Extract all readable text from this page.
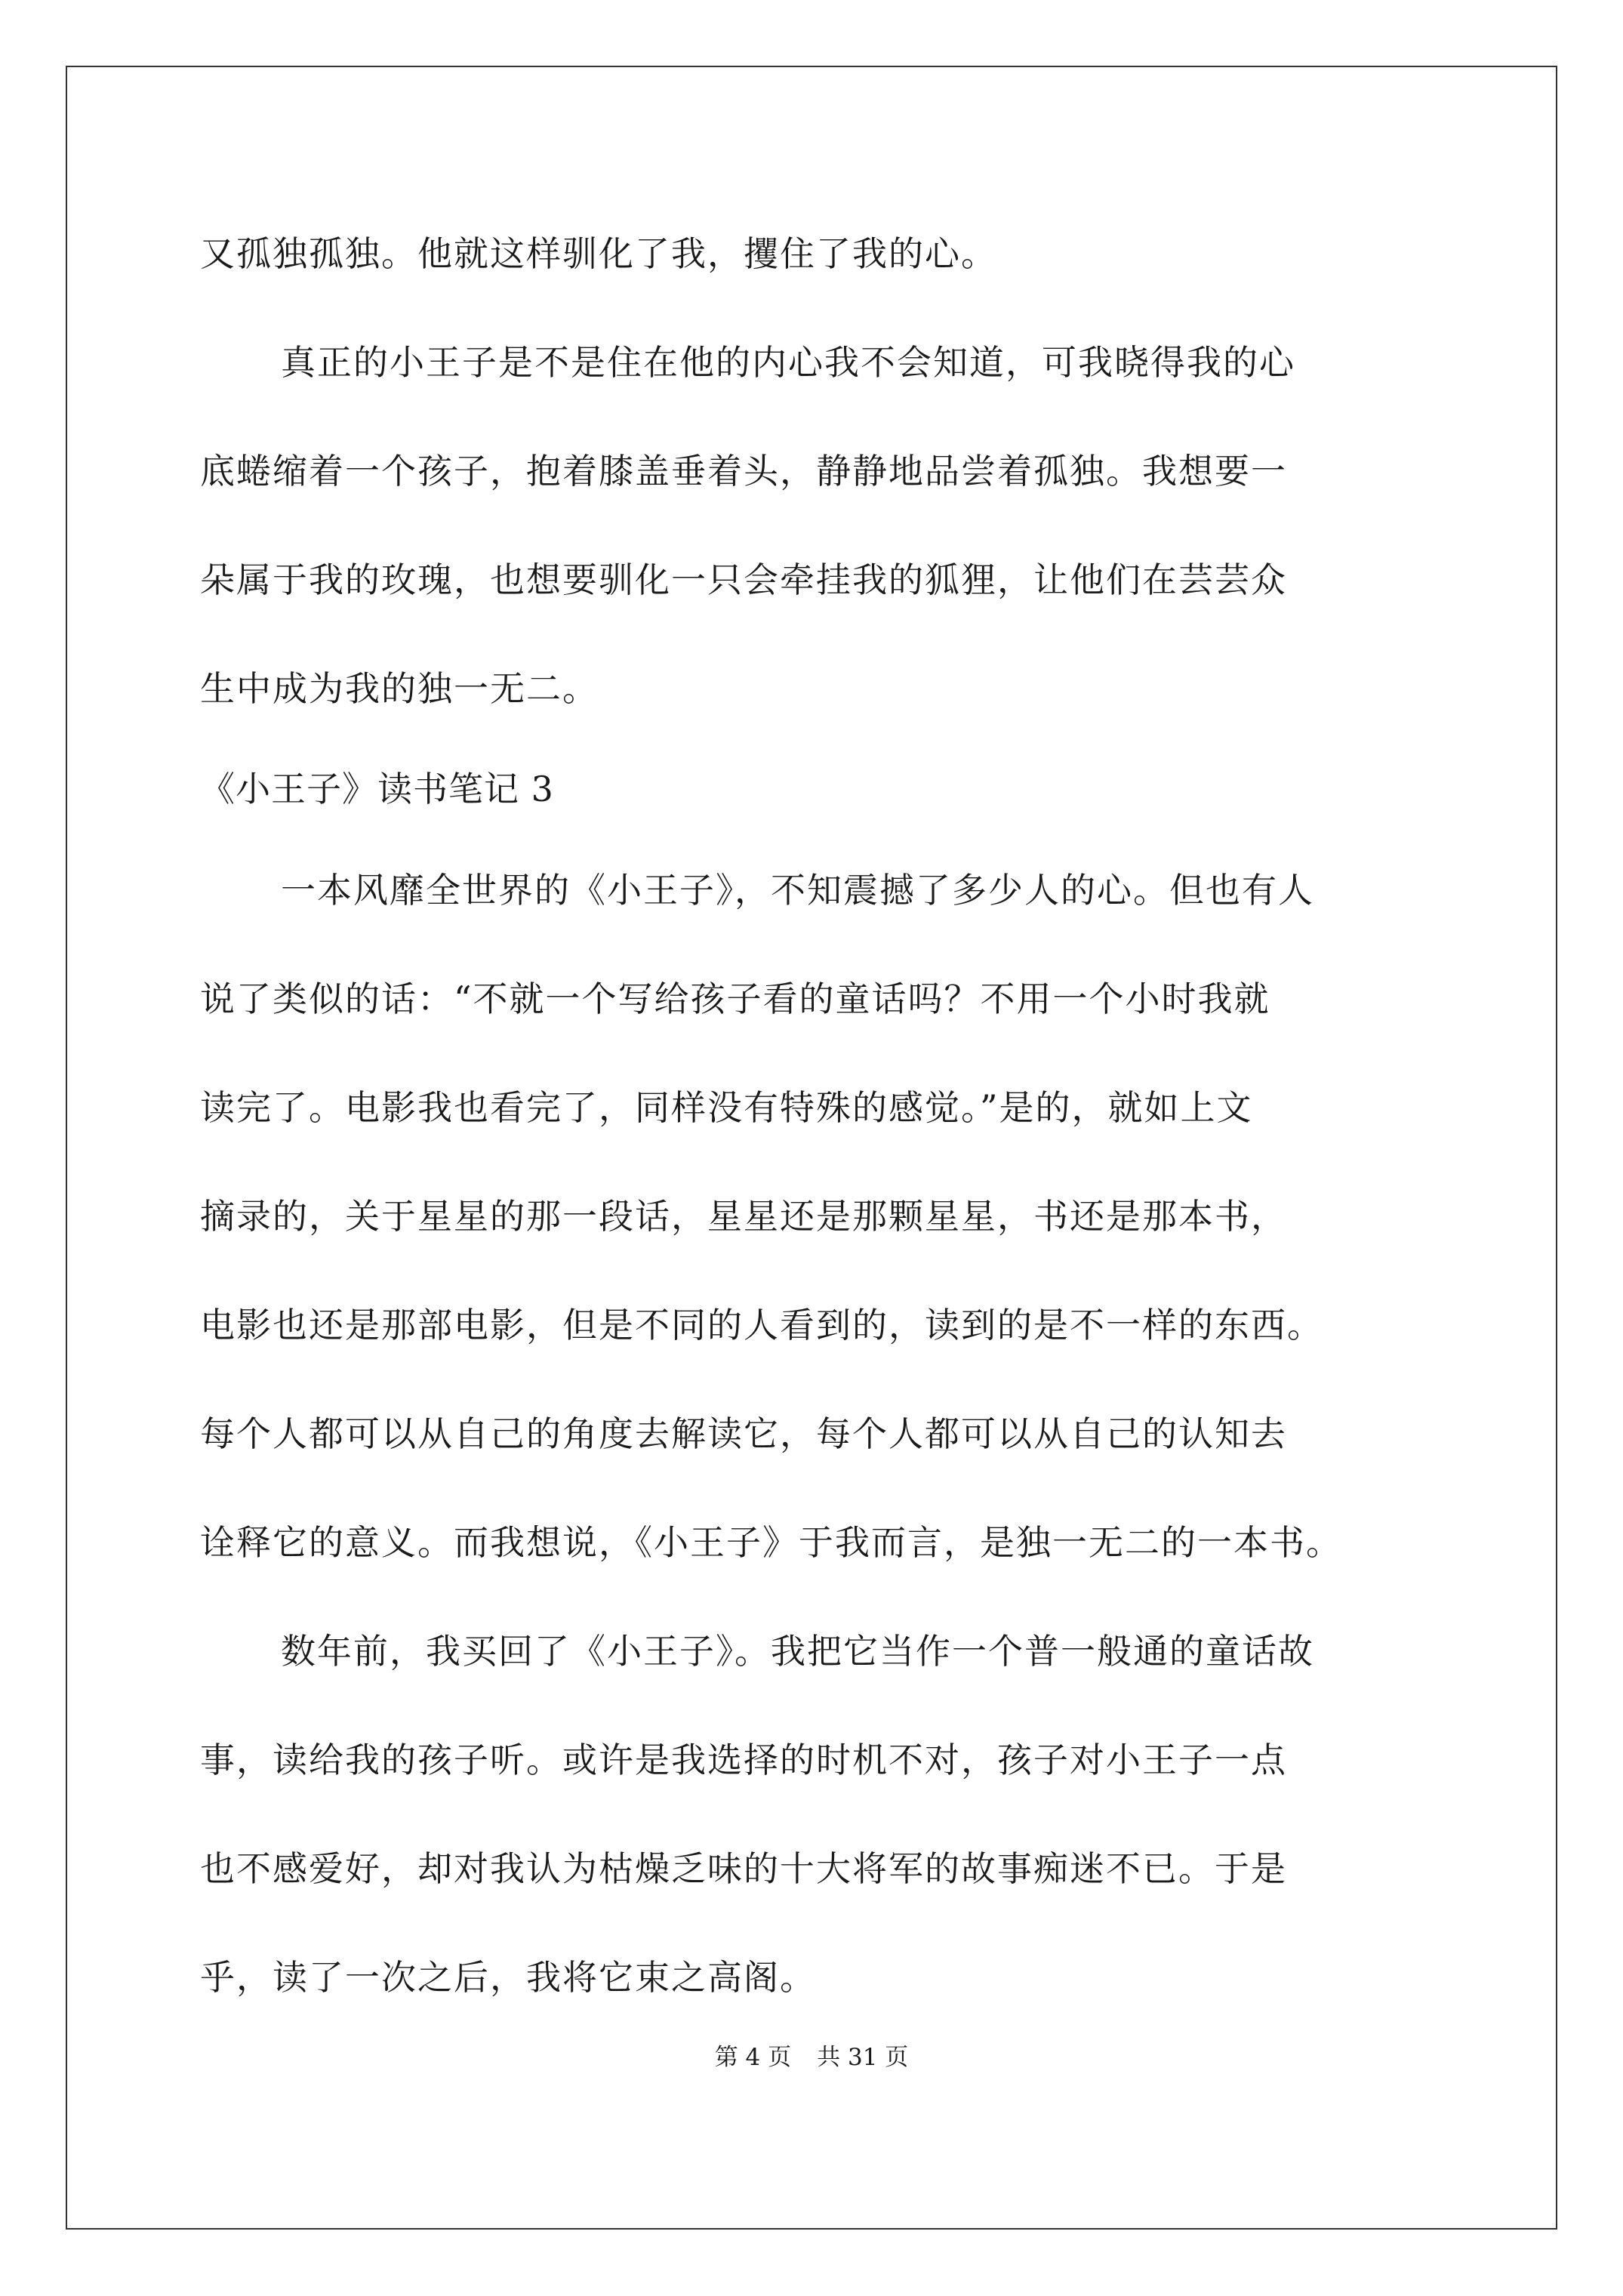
又孤独孤独。他就这样驯化了我，攫住了我的心。
真正的小王子是不是住在他的内心我不会知道，可我晓得我的心
底蜷缩着一个孩子，抱着膝盖垂着头，静静地品尝着孤独。我想要一
朵属于我的玫瑰，也想要驯化一只会牵挂我的狐狸，让他们在芸芸众
生中成为我的独一无二。
《小王子》读书笔记 3
一本风靡全世界的《小王子》，不知震撼了多少人的心。但也有人
说了类似的话：“不就一个写给孩子看的童话吗？不用一个小时我就
读完了。电影我也看完了，同样没有特殊的感觉。”是的，就如上文
摘录的，关于星星的那一段话，星星还是那颗星星，书还是那本书，
电影也还是那部电影，但是不同的人看到的，读到的是不一样的东西。
每个人都可以从自己的角度去解读它，每个人都可以从自己的认知去
诠释它的意义。而我想说，《小王子》于我而言，是独一无二的一本书。
数年前，我买回了《小王子》。我把它当作一个普一般通的童话故
事，读给我的孩子听。或许是我选择的时机不对，孩子对小王子一点
也不感爱好，却对我认为枯燥乏味的十大将军的故事痴迷不已。于是
乎，读了一次之后，我将它束之高阁。
第 4 页 共 31 页
